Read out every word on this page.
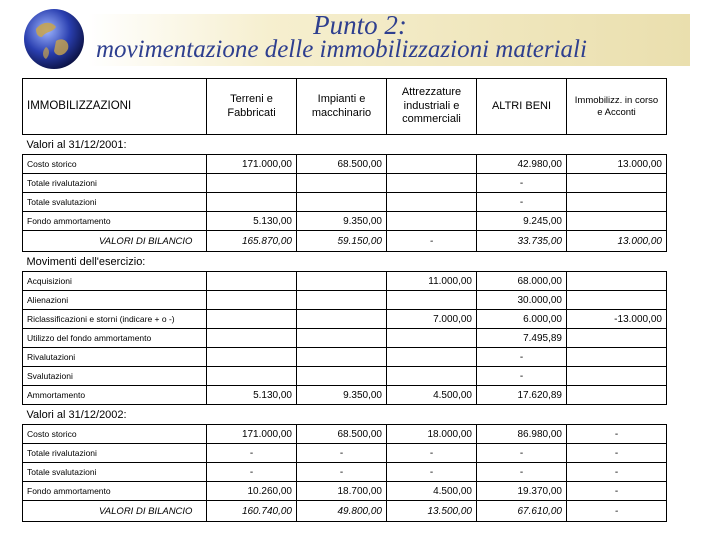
Punto 2:
movimentazione delle immobilizzazioni materiali
IMMOBILIZZAZIONI	Terreni e Fabbricati	Impianti e macchinario	Attrezzature industriali e commerciali	ALTRI BENI	Immobilizz. in corso e Acconti
Valori al 31/12/2001:					
Costo storico	171.000,00	68.500,00		42.980,00	13.000,00
Totale rivalutazioni				-	
Totale svalutazioni				-	
Fondo ammortamento	5.130,00	9.350,00		9.245,00	
VALORI DI BILANCIO	165.870,00	59.150,00	-	33.735,00	13.000,00
Movimenti dell'esercizio:					
Acquisizioni			11.000,00	68.000,00	
Alienazioni				30.000,00	
Riclassificazioni e storni (indicare + o -)			7.000,00	6.000,00	-13.000,00
Utilizzo del fondo ammortamento				7.495,89	
Rivalutazioni				-	
Svalutazioni				-	
Ammortamento	5.130,00	9.350,00	4.500,00	17.620,89	
Valori al 31/12/2002:					
Costo storico	171.000,00	68.500,00	18.000,00	86.980,00	-
Totale rivalutazioni	-	-	-	-	-
Totale svalutazioni	-	-	-	-	-
Fondo ammortamento	10.260,00	18.700,00	4.500,00	19.370,00	-
VALORI DI BILANCIO	160.740,00	49.800,00	13.500,00	67.610,00	-
